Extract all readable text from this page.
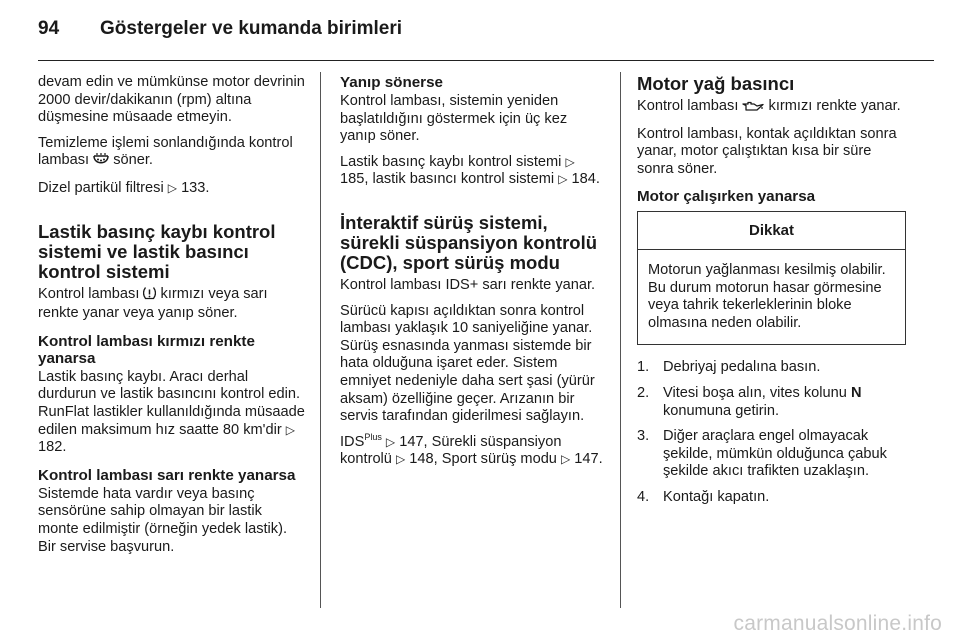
94	Göstergeler ve kumanda birimleri

devam edin ve mümkünse motor devrinin 2000 devir/dakikanın (rpm) altına düşmesine müsaade etmeyin.

Temizleme işlemi sonlandığında kontrol lambası söner.

Dizel partikül filtresi ▷ 133.

Lastik basınç kaybı kontrol sistemi ve lastik basıncı kontrol sistemi

Kontrol lambası kırmızı veya sarı renkte yanar veya yanıp söner.

Kontrol lambası kırmızı renkte yanarsa

Lastik basınç kaybı. Aracı derhal durdurun ve lastik basıncını kontrol edin. RunFlat lastikler kullanıldığında müsaade edilen maksimum hız saatte 80 km'dir ▷ 182.

Kontrol lambası sarı renkte yanarsa

Sistemde hata vardır veya basınç sensörüne sahip olmayan bir lastik monte edilmiştir (örneğin yedek lastik). Bir servise başvurun.

Yanıp sönerse

Kontrol lambası, sistemin yeniden başlatıldığını göstermek için üç kez yanıp söner.

Lastik basınç kaybı kontrol sistemi ▷ 185, lastik basıncı kontrol sistemi ▷ 184.

İnteraktif sürüş sistemi, sürekli süspansiyon kontrolü (CDC), sport sürüş modu

Kontrol lambası IDS+ sarı renkte yanar.

Sürücü kapısı açıldıktan sonra kontrol lambası yaklaşık 10 saniyeliğine yanar. Sürüş esnasında yanması sistemde bir hata olduğuna işaret eder. Sistem emniyet nedeniyle daha sert şasi (yürür aksam) özelliğine geçer. Arızanın bir servis tarafından giderilmesi sağlayın.

$IDS^{Plus}$ ▷ 147, Sürekli süspansiyon kontrolü ▷ 148, Sport sürüş modu ▷ 147.

Motor yağ basıncı

Kontrol lambası kırmızı renkte yanar.

Kontrol lambası, kontak açıldıktan sonra yanar, motor çalıştıktan kısa bir süre sonra söner.

Motor çalışırken yanarsa
Dikkat
Motorun yağlanması kesilmiş olabilir. Bu durum motorun hasar görmesine veya tahrik tekerleklerinin bloke olmasına neden olabilir.
1. Debriyaj pedalına basın.
2. Vitesi boşa alın, vites kolunu N konumuna getirin.
3. Diğer araçlara engel olmayacak şekilde, mümkün olduğunca çabuk şekilde akıcı trafikten uzaklaşın.
4. Kontağı kapatın.
carmanualsonline.info
